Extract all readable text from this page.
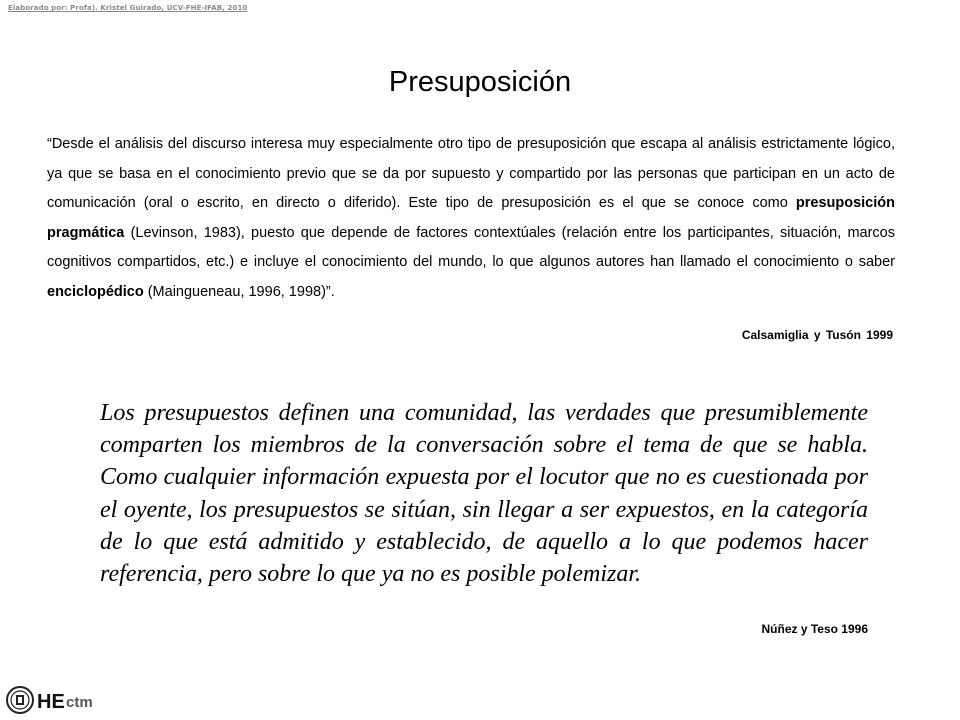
Elaborado por: Profa). Kristel Guirado, UCV-FHE-IFAB, 2010
Presuposición

“Desde el análisis del discurso interesa muy especialmente otro tipo de presuposición que escapa al análisis estrictamente lógico, ya que se basa en el conocimiento previo que se da por supuesto y compartido por las personas que participan en un acto de comunicación (oral o escrito, en directo o diferido). Este tipo de presuposición es el que se conoce como presuposición pragmática (Levinson, 1983), puesto que depende de factores contextúales (relación entre los participantes, situación, marcos cognitivos compartidos, etc.) e incluye el conocimiento del mundo, lo que algunos autores han llamado el conocimiento o saber enciclopédico (Maingueneau, 1996, 1998)”.

Calsamiglia y Tusón 1999

Los presupuestos definen una comunidad, las verdades que presumiblemente comparten los miembros de la conversación sobre el tema de que se habla. Como cualquier información expuesta por el locutor que no es cuestionada por el oyente, los presupuestos se sitúan, sin llegar a ser expuestos, en la categoría de lo que está admitido y establecido, de aquello a lo que podemos hacer referencia, pero sobre lo que ya no es posible polemizar.

Núñez y Teso 1996
HE ctm
